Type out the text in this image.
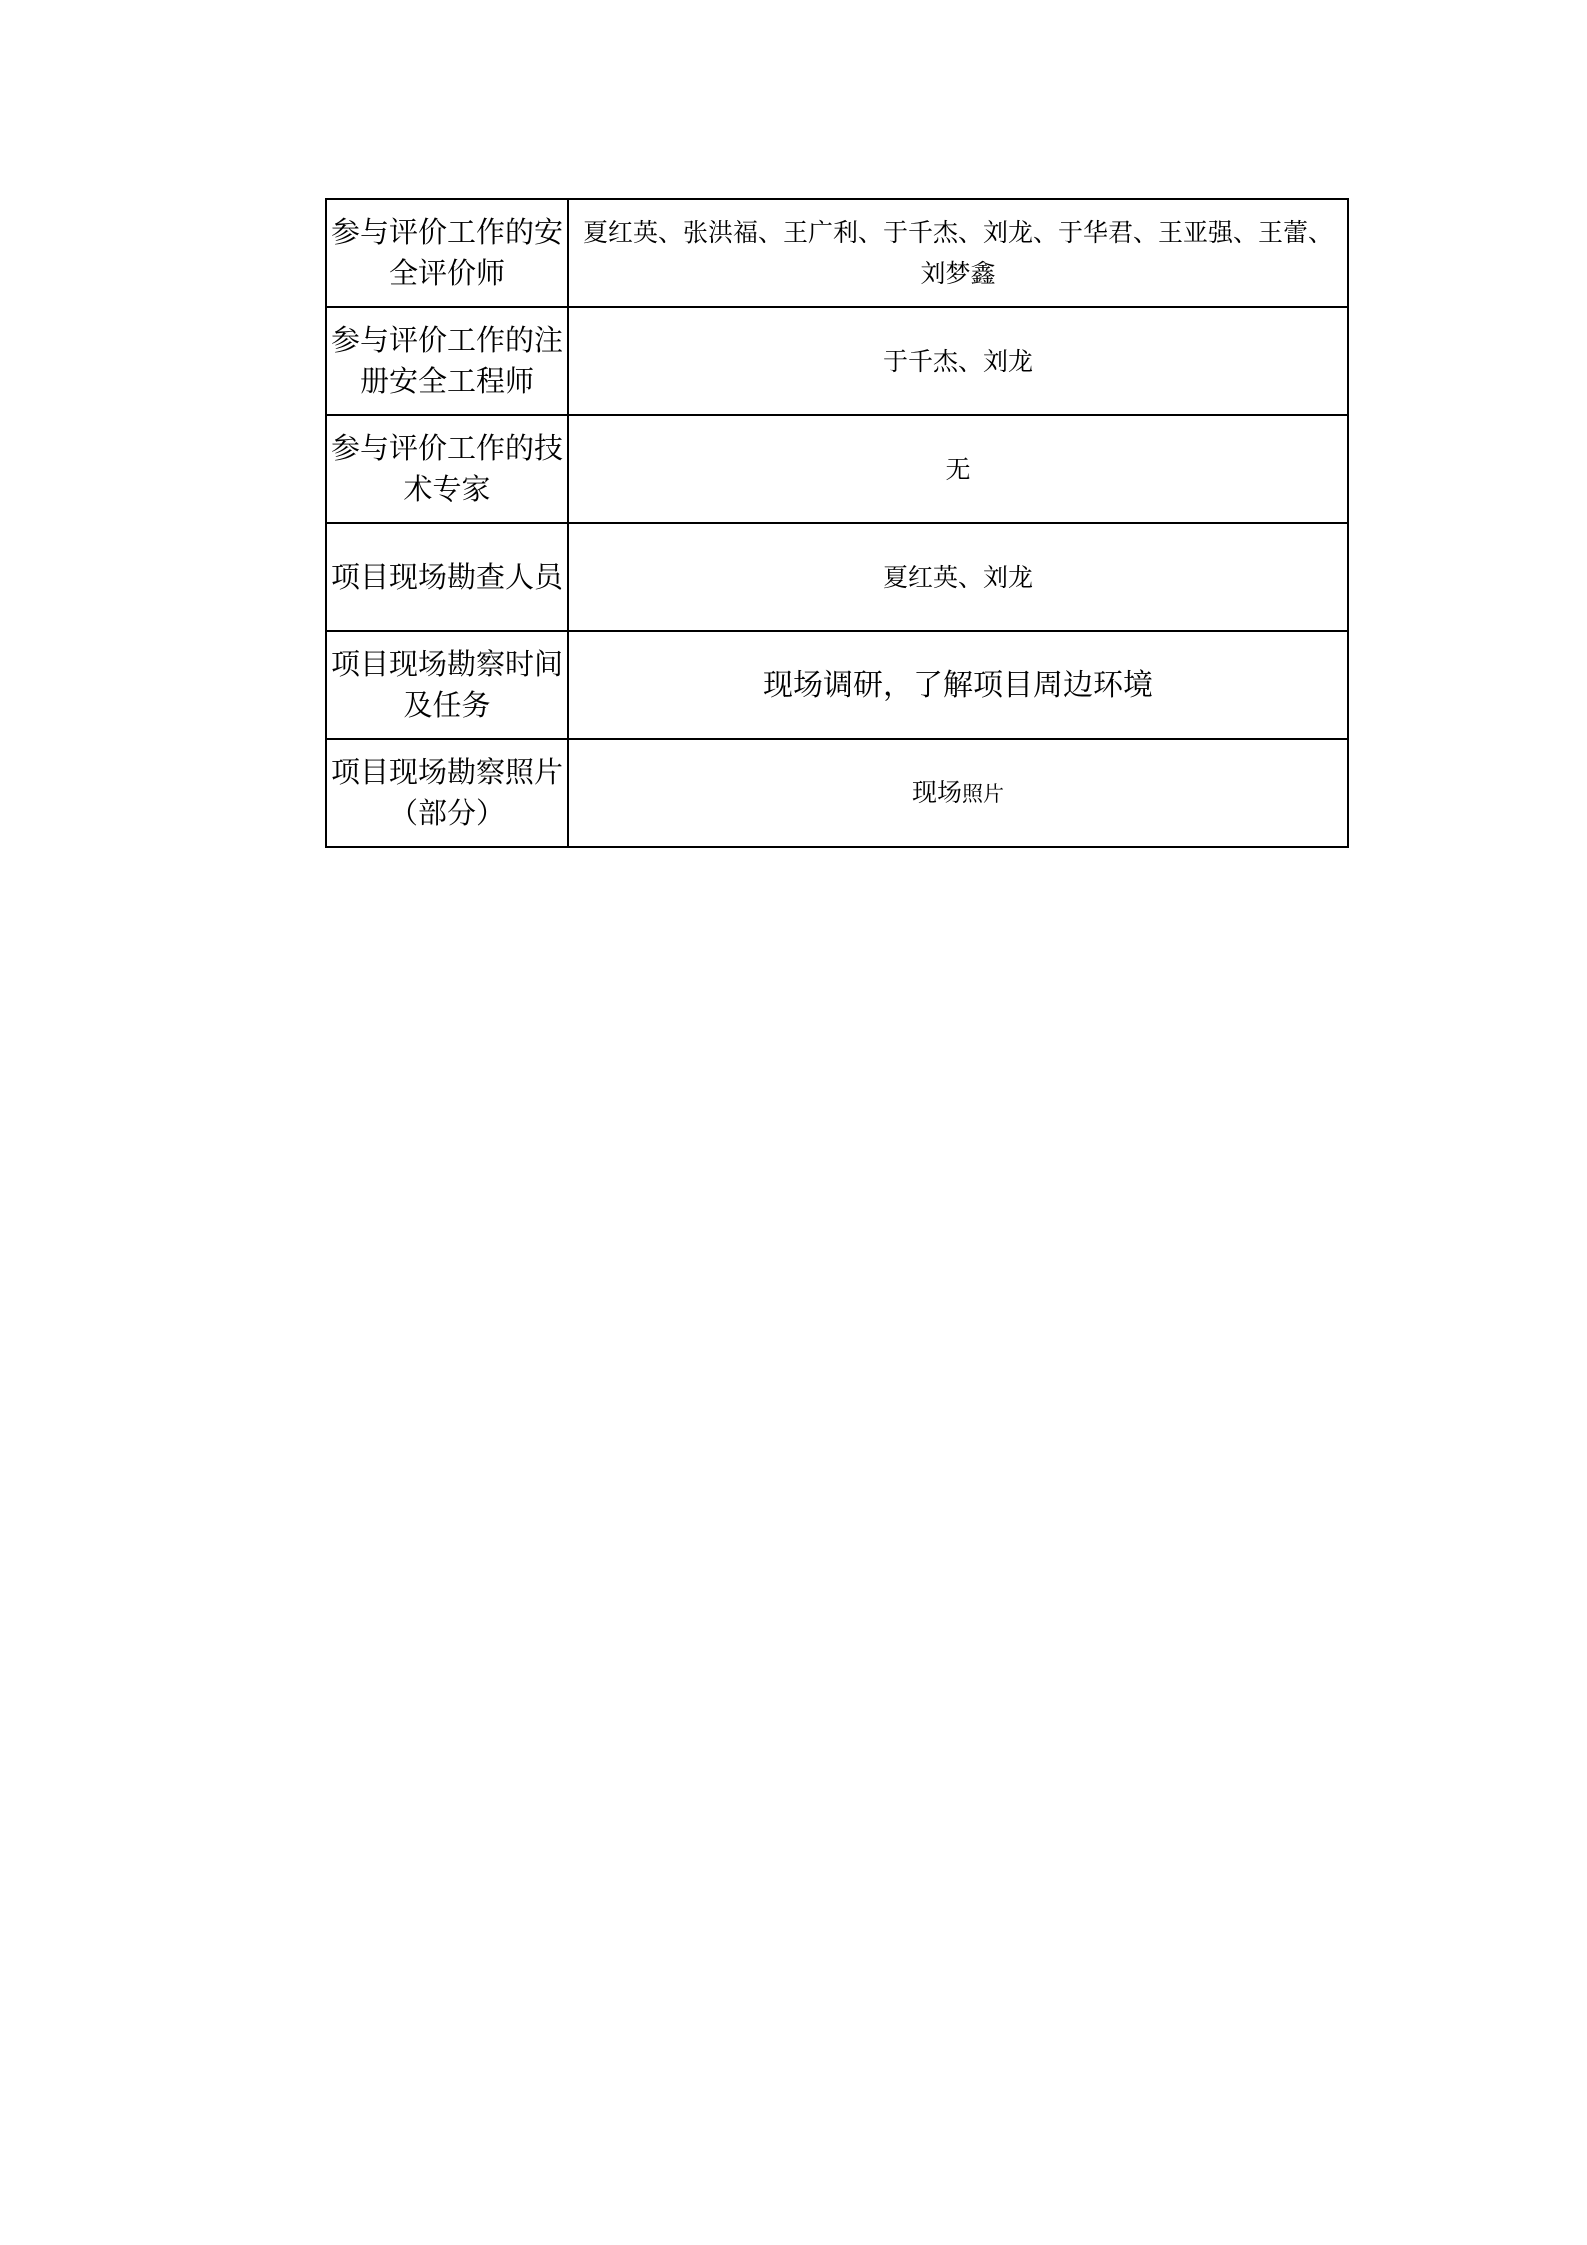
参与评价工作的安全评价师	夏红英、张洪福、王广利、于千杰、刘龙、于华君、王亚强、王蕾、刘梦鑫
参与评价工作的注册安全工程师	于千杰、刘龙
参与评价工作的技术专家	无
项目现场勘查人员	夏红英、刘龙
项目现场勘察时间及任务	现场调研，了解项目周边环境
项目现场勘察照片（部分）	现场照片
